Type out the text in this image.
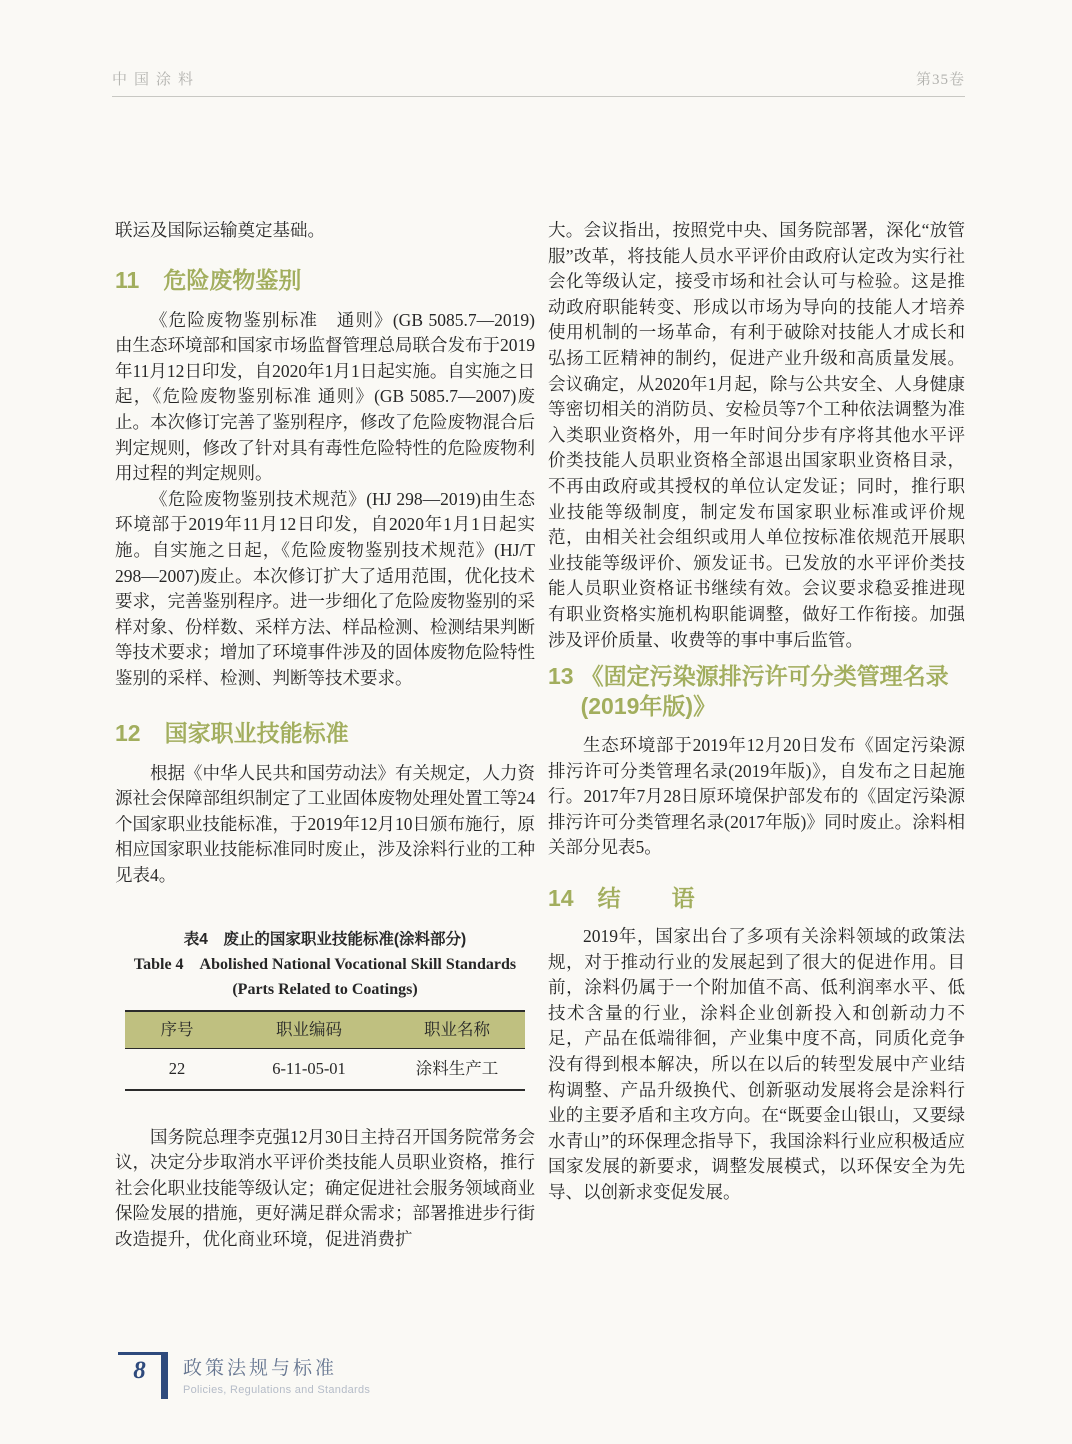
中国涂料	第35卷

联运及国际运输奠定基础。

11 危险废物鉴别

《危险废物鉴别标准　通则》(GB 5085.7—2019)由生态环境部和国家市场监督管理总局联合发布于2019年11月12日印发，自2020年1月1日起实施。自实施之日起，《危险废物鉴别标准 通则》(GB 5085.7—2007)废止。本次修订完善了鉴别程序，修改了危险废物混合后判定规则，修改了针对具有毒性危险特性的危险废物利用过程的判定规则。

《危险废物鉴别技术规范》(HJ 298—2019)由生态环境部于2019年11月12日印发，自2020年1月1日起实施。自实施之日起，《危险废物鉴别技术规范》(HJ/T 298—2007)废止。本次修订扩大了适用范围，优化技术要求，完善鉴别程序。进一步细化了危险废物鉴别的采样对象、份样数、采样方法、样品检测、检测结果判断等技术要求；增加了环境事件涉及的固体废物危险特性鉴别的采样、检测、判断等技术要求。

12 国家职业技能标准

根据《中华人民共和国劳动法》有关规定，人力资源社会保障部组织制定了工业固体废物处理处置工等24个国家职业技能标准，于2019年12月10日颁布施行，原相应国家职业技能标准同时废止，涉及涂料行业的工种见表4。

表4　废止的国家职业技能标准(涂料部分)
Table 4　Abolished National Vocational Skill Standards
(Parts Related to Coatings)
序号	职业编码	职业名称
22	6-11-05-01	涂料生产工

国务院总理李克强12月30日主持召开国务院常务会议，决定分步取消水平评价类技能人员职业资格，推行社会化职业技能等级认定；确定促进社会服务领域商业保险发展的措施，更好满足群众需求；部署推进步行街改造提升，优化商业环境，促进消费扩

大。会议指出，按照党中央、国务院部署，深化“放管服”改革，将技能人员水平评价由政府认定改为实行社会化等级认定，接受市场和社会认可与检验。这是推动政府职能转变、形成以市场为导向的技能人才培养使用机制的一场革命，有利于破除对技能人才成长和弘扬工匠精神的制约，促进产业升级和高质量发展。会议确定，从2020年1月起，除与公共安全、人身健康等密切相关的消防员、安检员等7个工种依法调整为准入类职业资格外，用一年时间分步有序将其他水平评价类技能人员职业资格全部退出国家职业资格目录，不再由政府或其授权的单位认定发证；同时，推行职业技能等级制度，制定发布国家职业标准或评价规范，由相关社会组织或用人单位按标准依规范开展职业技能等级评价、颁发证书。已发放的水平评价类技能人员职业资格证书继续有效。会议要求稳妥推进现有职业资格实施机构职能调整，做好工作衔接。加强涉及评价质量、收费等的事中事后监管。

13 《固定污染源排污许可分类管理名录
(2019年版)》

生态环境部于2019年12月20日发布《固定污染源排污许可分类管理名录(2019年版)》，自发布之日起施行。2017年7月28日原环境保护部发布的《固定污染源排污许可分类管理名录(2017年版)》同时废止。涂料相关部分见表5。

14 结　语

2019年，国家出台了多项有关涂料领域的政策法规，对于推动行业的发展起到了很大的促进作用。目前，涂料仍属于一个附加值不高、低利润率水平、低技术含量的行业，涂料企业创新投入和创新动力不足，产品在低端徘徊，产业集中度不高，同质化竞争没有得到根本解决，所以在以后的转型发展中产业结构调整、产品升级换代、创新驱动发展将会是涂料行业的主要矛盾和主攻方向。在“既要金山银山，又要绿水青山”的环保理念指导下，我国涂料行业应积极适应国家发展的新要求，调整发展模式，以环保安全为先导、以创新求变促发展。

8	政策法规与标准
Policies, Regulations and Standards
